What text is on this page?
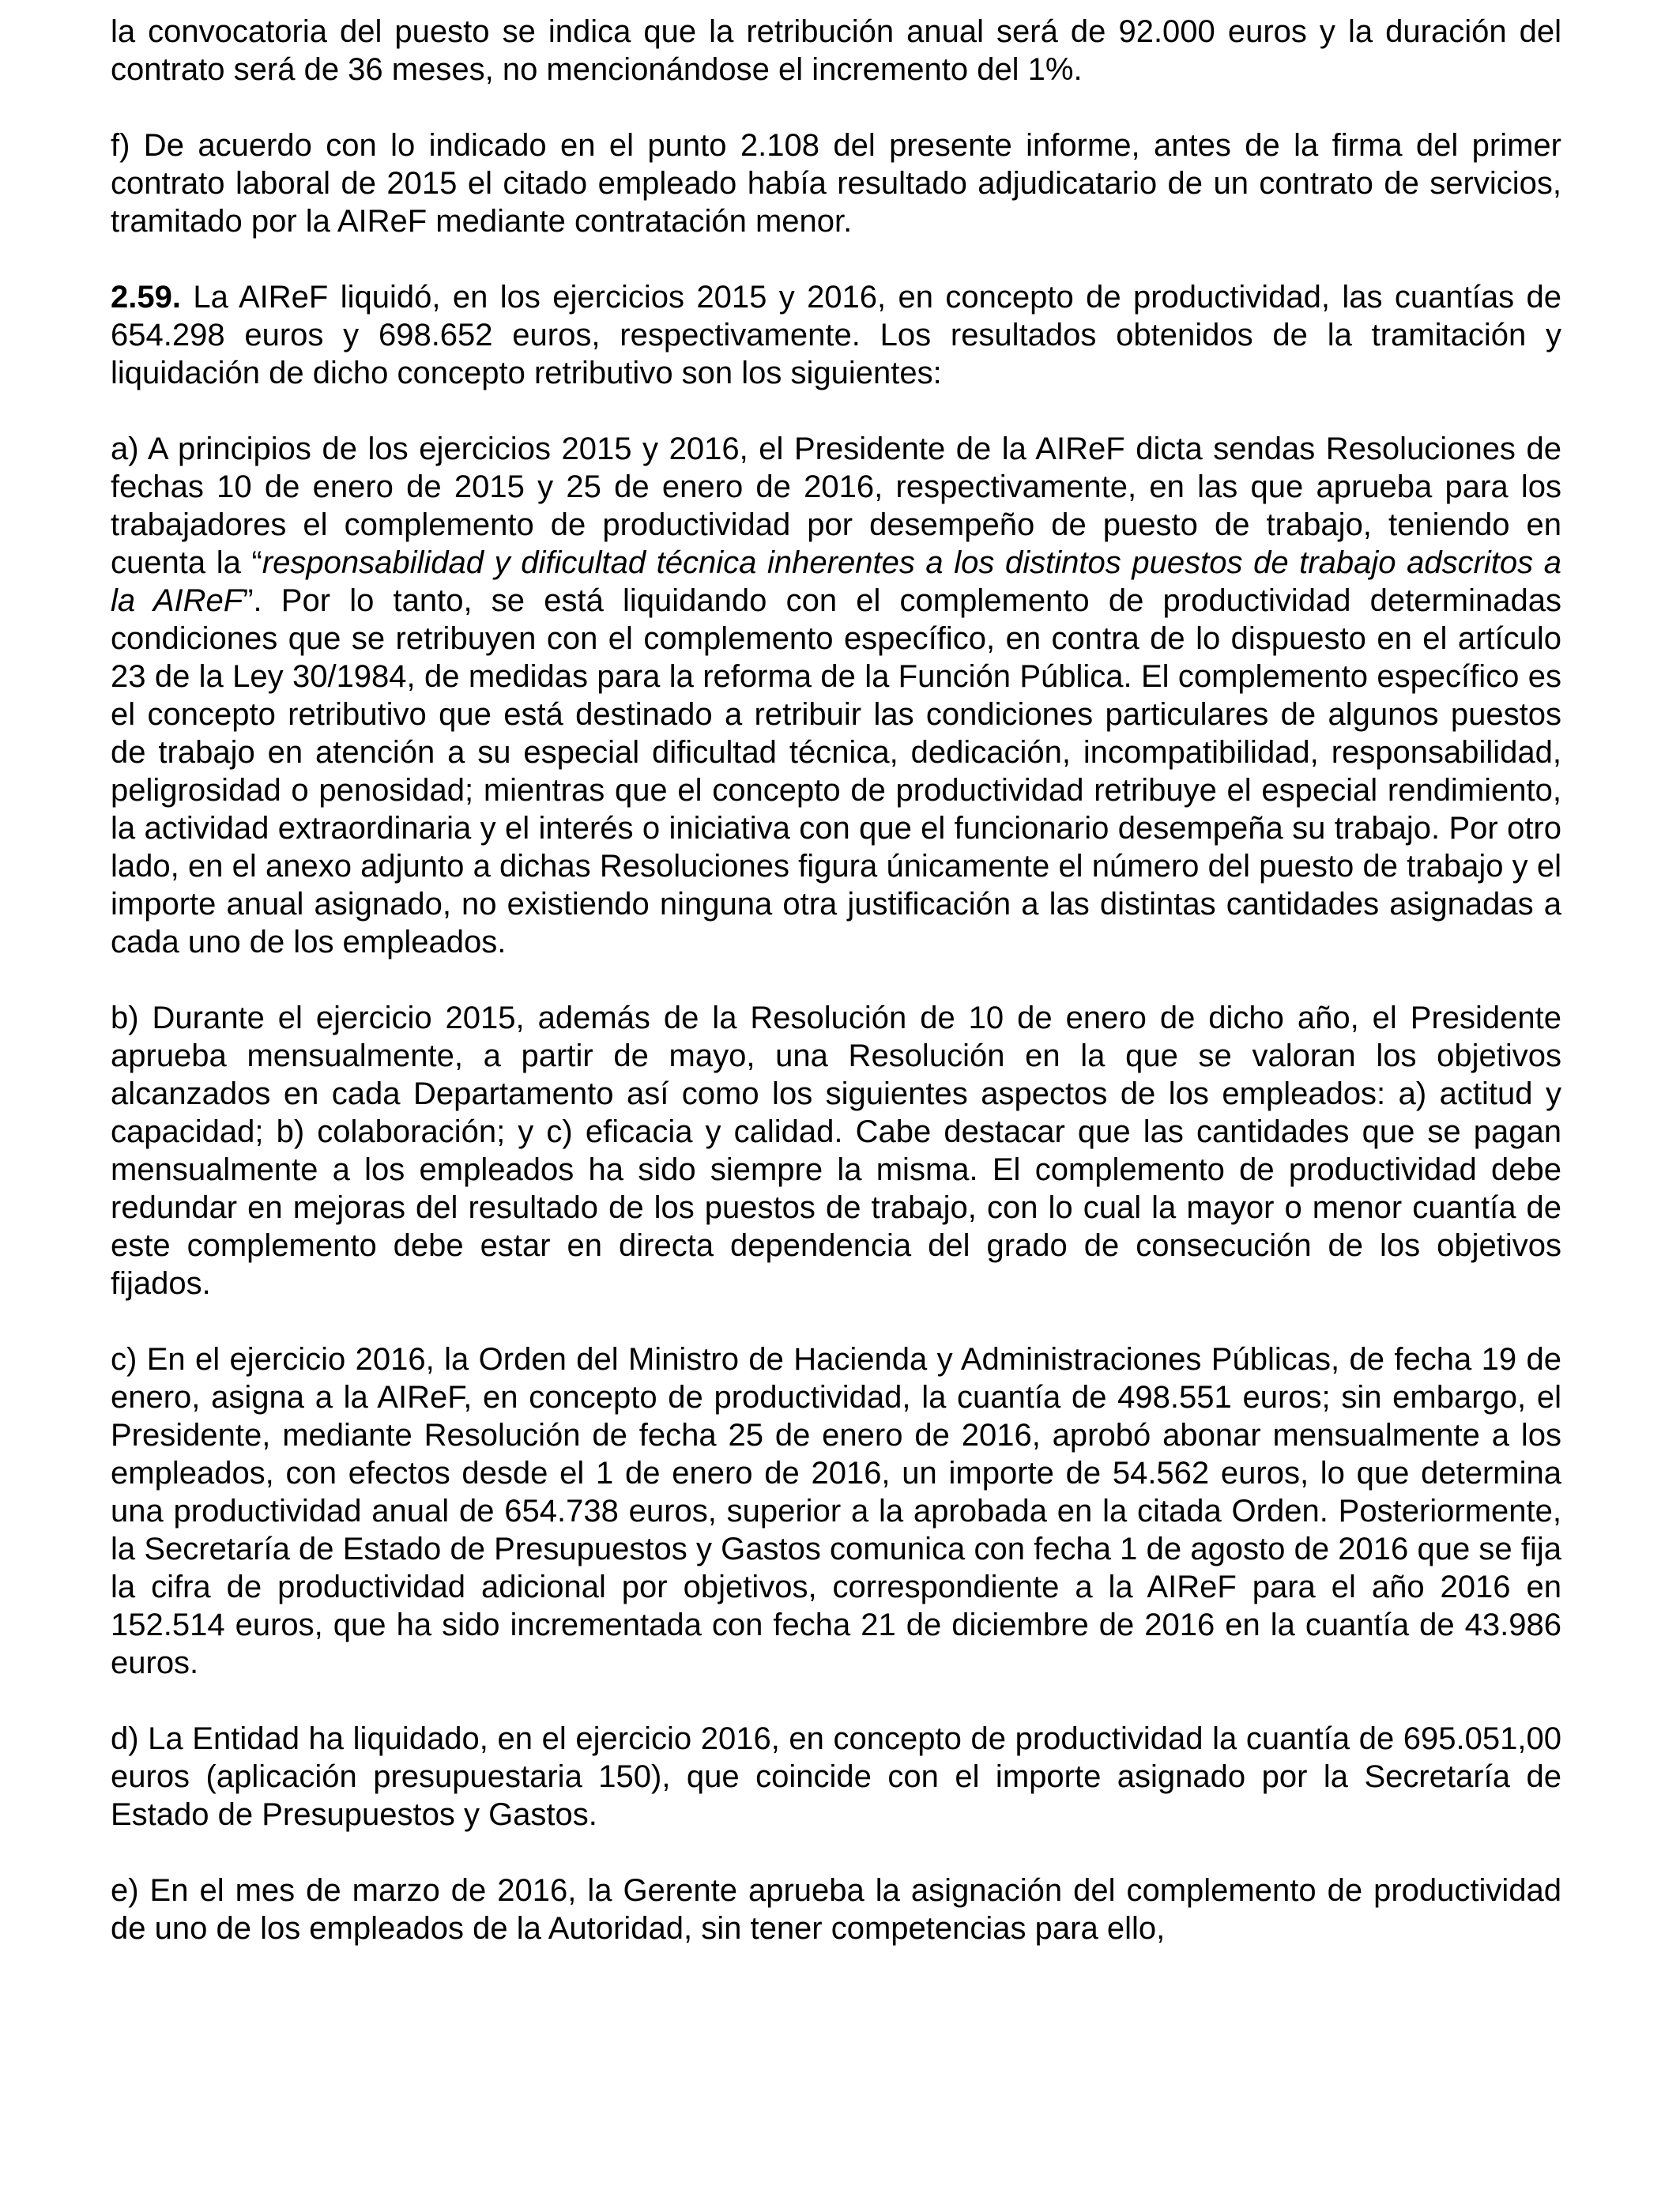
la convocatoria del puesto se indica que la retribución anual será de 92.000 euros y la duración del contrato será de 36 meses, no mencionándose el incremento del 1%.

f) De acuerdo con lo indicado en el punto 2.108 del presente informe, antes de la firma del primer contrato laboral de 2015 el citado empleado había resultado adjudicatario de un contrato de servicios, tramitado por la AIReF mediante contratación menor.

2.59. La AIReF liquidó, en los ejercicios 2015 y 2016, en concepto de productividad, las cuantías de 654.298 euros y 698.652 euros, respectivamente. Los resultados obtenidos de la tramitación y liquidación de dicho concepto retributivo son los siguientes:

a) A principios de los ejercicios 2015 y 2016, el Presidente de la AIReF dicta sendas Resoluciones de fechas 10 de enero de 2015 y 25 de enero de 2016, respectivamente, en las que aprueba para los trabajadores el complemento de productividad por desempeño de puesto de trabajo, teniendo en cuenta la “responsabilidad y dificultad técnica inherentes a los distintos puestos de trabajo adscritos a la AIReF”. Por lo tanto, se está liquidando con el complemento de productividad determinadas condiciones que se retribuyen con el complemento específico, en contra de lo dispuesto en el artículo 23 de la Ley 30/1984, de medidas para la reforma de la Función Pública. El complemento específico es el concepto retributivo que está destinado a retribuir las condiciones particulares de algunos puestos de trabajo en atención a su especial dificultad técnica, dedicación, incompatibilidad, responsabilidad, peligrosidad o penosidad; mientras que el concepto de productividad retribuye el especial rendimiento, la actividad extraordinaria y el interés o iniciativa con que el funcionario desempeña su trabajo. Por otro lado, en el anexo adjunto a dichas Resoluciones figura únicamente el número del puesto de trabajo y el importe anual asignado, no existiendo ninguna otra justificación a las distintas cantidades asignadas a cada uno de los empleados.

b) Durante el ejercicio 2015, además de la Resolución de 10 de enero de dicho año, el Presidente aprueba mensualmente, a partir de mayo, una Resolución en la que se valoran los objetivos alcanzados en cada Departamento así como los siguientes aspectos de los empleados: a) actitud y capacidad; b) colaboración; y c) eficacia y calidad. Cabe destacar que las cantidades que se pagan mensualmente a los empleados ha sido siempre la misma. El complemento de productividad debe redundar en mejoras del resultado de los puestos de trabajo, con lo cual la mayor o menor cuantía de este complemento debe estar en directa dependencia del grado de consecución de los objetivos fijados.

c) En el ejercicio 2016, la Orden del Ministro de Hacienda y Administraciones Públicas, de fecha 19 de enero, asigna a la AIReF, en concepto de productividad, la cuantía de 498.551 euros; sin embargo, el Presidente, mediante Resolución de fecha 25 de enero de 2016, aprobó abonar mensualmente a los empleados, con efectos desde el 1 de enero de 2016, un importe de 54.562 euros, lo que determina una productividad anual de 654.738 euros, superior a la aprobada en la citada Orden. Posteriormente, la Secretaría de Estado de Presupuestos y Gastos comunica con fecha 1 de agosto de 2016 que se fija la cifra de productividad adicional por objetivos, correspondiente a la AIReF para el año 2016 en 152.514 euros, que ha sido incrementada con fecha 21 de diciembre de 2016 en la cuantía de 43.986 euros.

d) La Entidad ha liquidado, en el ejercicio 2016, en concepto de productividad la cuantía de 695.051,00 euros (aplicación presupuestaria 150), que coincide con el importe asignado por la Secretaría de Estado de Presupuestos y Gastos.

e) En el mes de marzo de 2016, la Gerente aprueba la asignación del complemento de productividad de uno de los empleados de la Autoridad, sin tener competencias para ello,
